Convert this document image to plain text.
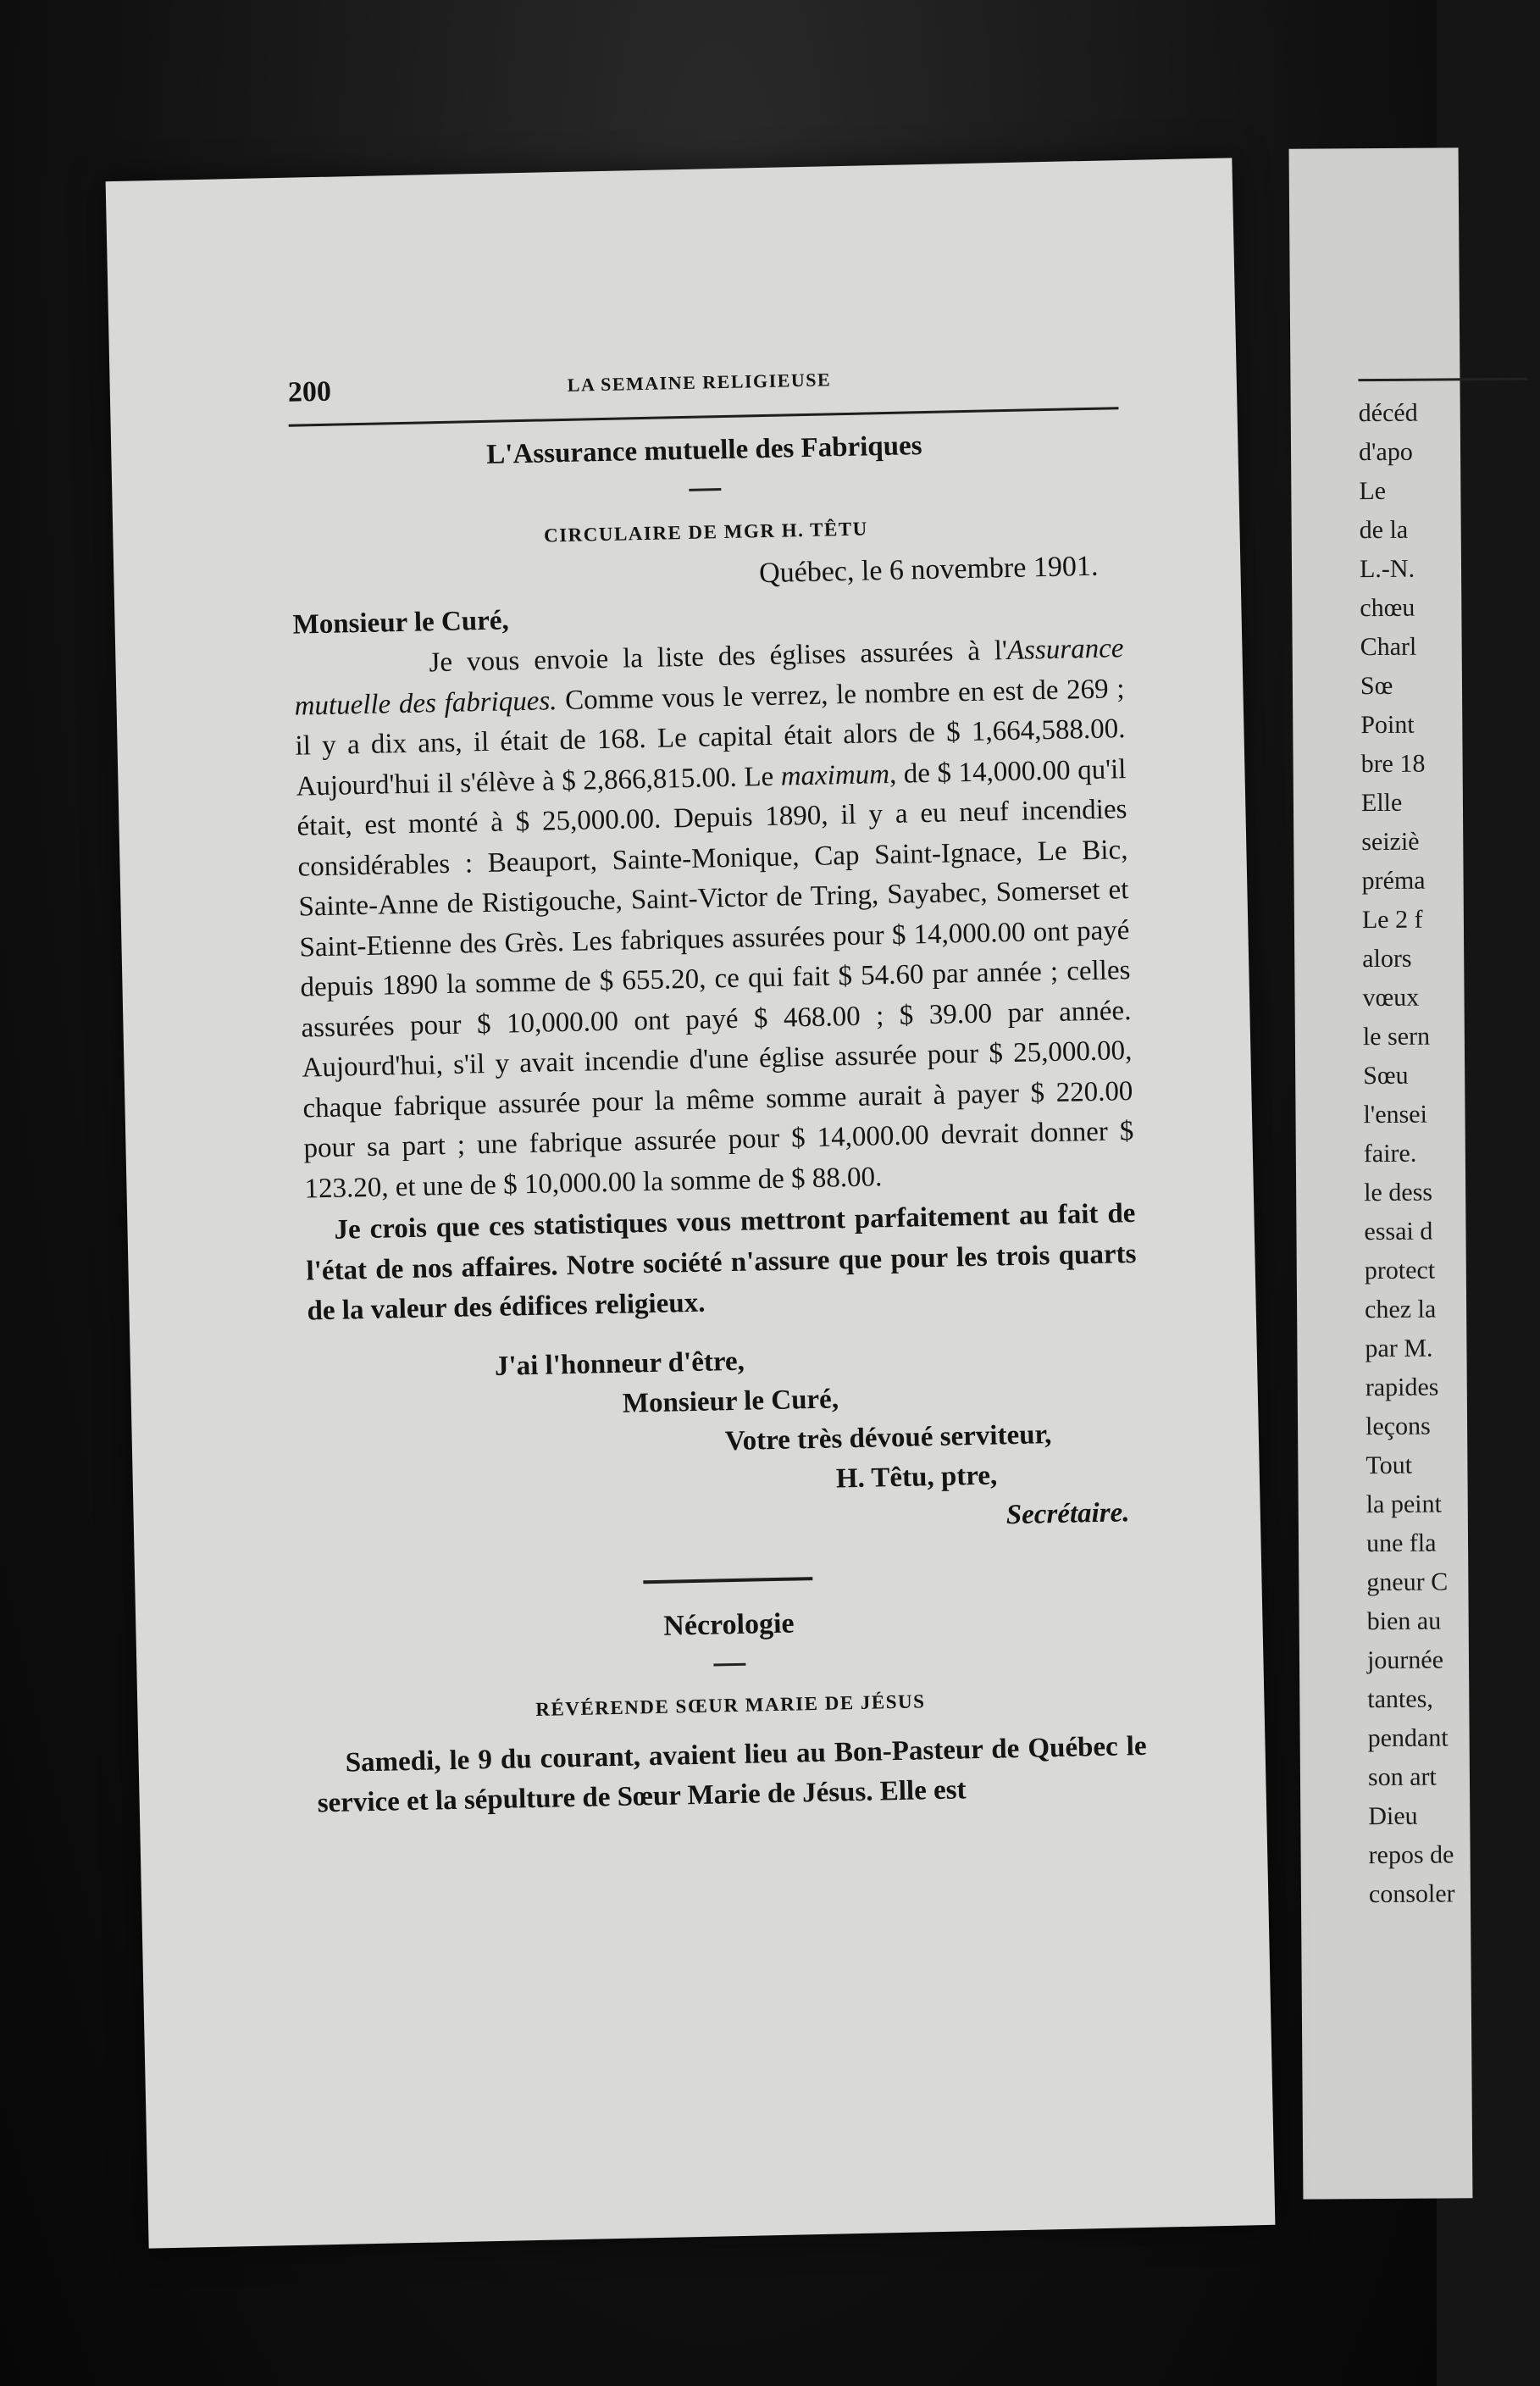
décéd
d'apo
Le
de la
L.-N.
chœu
Charl
Sœ
Point
bre 18
Elle
seiziè
préma
Le 2 f
alors
vœux
le sern
Sœu
l'ensei
faire.
le dess
essai d
protect
chez la
par M.
rapides
leçons
Tout
la peint
une fla
gneur C
bien au
journée
tantes,
pendant
son art
Dieu
repos de
consoler
200	LA SEMAINE RELIGIEUSE
L'Assurance mutuelle des Fabriques
CIRCULAIRE DE MGR H. TÊTU
Québec, le 6 novembre 1901.
Monsieur le Curé,

Je vous envoie la liste des églises assurées à l'Assurance mutuelle des fabriques. Comme vous le verrez, le nombre en est de 269 ; il y a dix ans, il était de 168. Le capital était alors de $ 1,664,588.00. Aujourd'hui il s'élève à $ 2,866,815.00. Le maximum, de $ 14,000.00 qu'il était, est monté à $ 25,000.00. Depuis 1890, il y a eu neuf incendies considérables : Beauport, Sainte-Monique, Cap Saint-Ignace, Le Bic, Sainte-Anne de Ristigouche, Saint-Victor de Tring, Sayabec, Somerset et Saint-Etienne des Grès. Les fabriques assurées pour $ 14,000.00 ont payé depuis 1890 la somme de $ 655.20, ce qui fait $ 54.60 par année ; celles assurées pour $ 10,000.00 ont payé $ 468.00 ; $ 39.00 par année. Aujourd'hui, s'il y avait incendie d'une église assurée pour $ 25,000.00, chaque fabrique assurée pour la même somme aurait à payer $ 220.00 pour sa part ; une fabrique assurée pour $ 14,000.00 devrait donner $ 123.20, et une de $ 10,000.00 la somme de $ 88.00.

Je crois que ces statistiques vous mettront parfaitement au fait de l'état de nos affaires. Notre société n'assure que pour les trois quarts de la valeur des édifices religieux.

J'ai l'honneur d'être,
Monsieur le Curé,
Votre très dévoué serviteur,
H. Têtu, ptre,
Secrétaire.
Nécrologie
RÉVÉRENDE SŒUR MARIE DE JÉSUS

Samedi, le 9 du courant, avaient lieu au Bon-Pasteur de Québec le service et la sépulture de Sœur Marie de Jésus. Elle est
